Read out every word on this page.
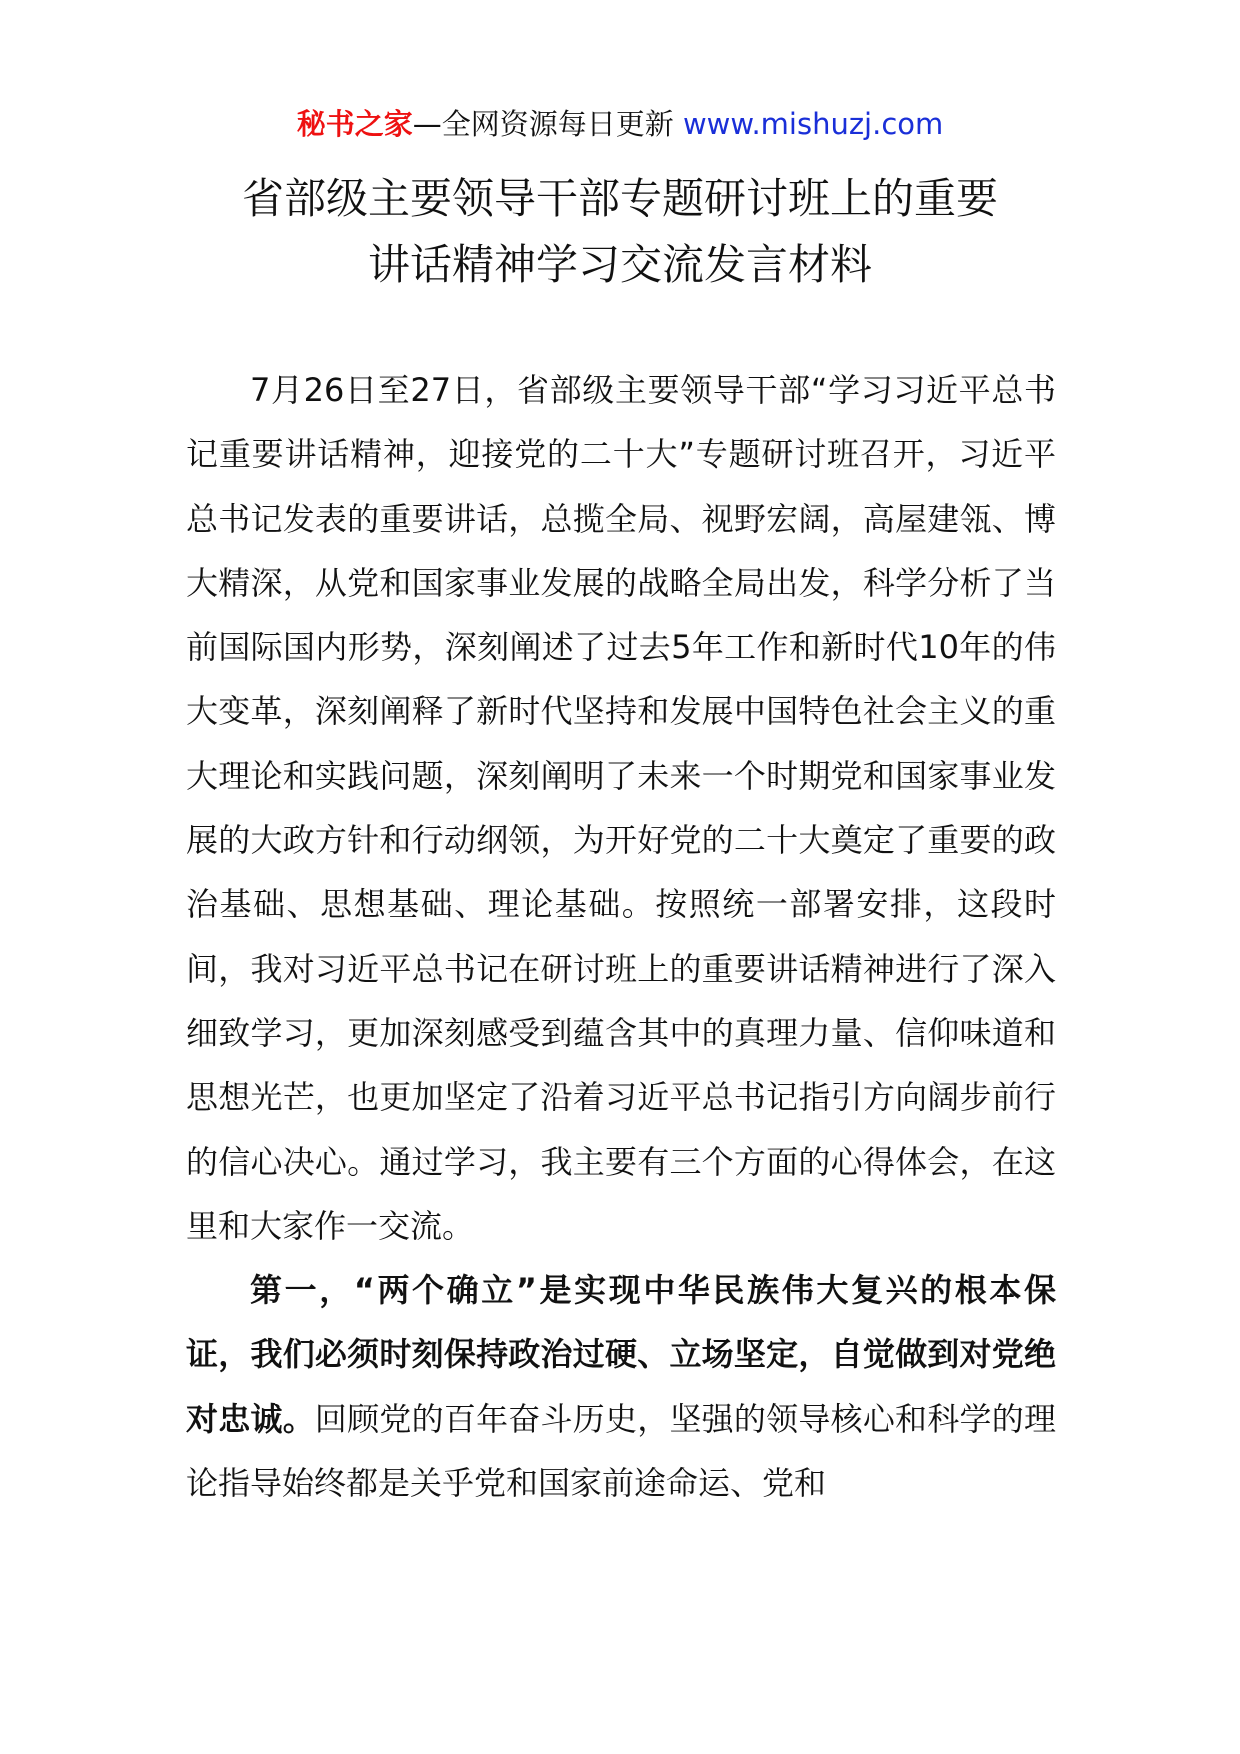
秘书之家—全网资源每日更新 www.mishuzj.com
省部级主要领导干部专题研讨班上的重要
讲话精神学习交流发言材料

7月26日至27日，省部级主要领导干部“学习习近平总书记重要讲话精神，迎接党的二十大”专题研讨班召开，习近平总书记发表的重要讲话，总揽全局、视野宏阔，高屋建瓴、博大精深，从党和国家事业发展的战略全局出发，科学分析了当前国际国内形势，深刻阐述了过去5年工作和新时代10年的伟大变革，深刻阐释了新时代坚持和发展中国特色社会主义的重大理论和实践问题，深刻阐明了未来一个时期党和国家事业发展的大政方针和行动纲领，为开好党的二十大奠定了重要的政治基础、思想基础、理论基础。按照统一部署安排，这段时间，我对习近平总书记在研讨班上的重要讲话精神进行了深入细致学习，更加深刻感受到蕴含其中的真理力量、信仰味道和思想光芒，也更加坚定了沿着习近平总书记指引方向阔步前行的信心决心。通过学习，我主要有三个方面的心得体会，在这里和大家作一交流。

第一，“两个确立”是实现中华民族伟大复兴的根本保证，我们必须时刻保持政治过硬、立场坚定，自觉做到对党绝对忠诚。回顾党的百年奋斗历史，坚强的领导核心和科学的理论指导始终都是关乎党和国家前途命运、党和
